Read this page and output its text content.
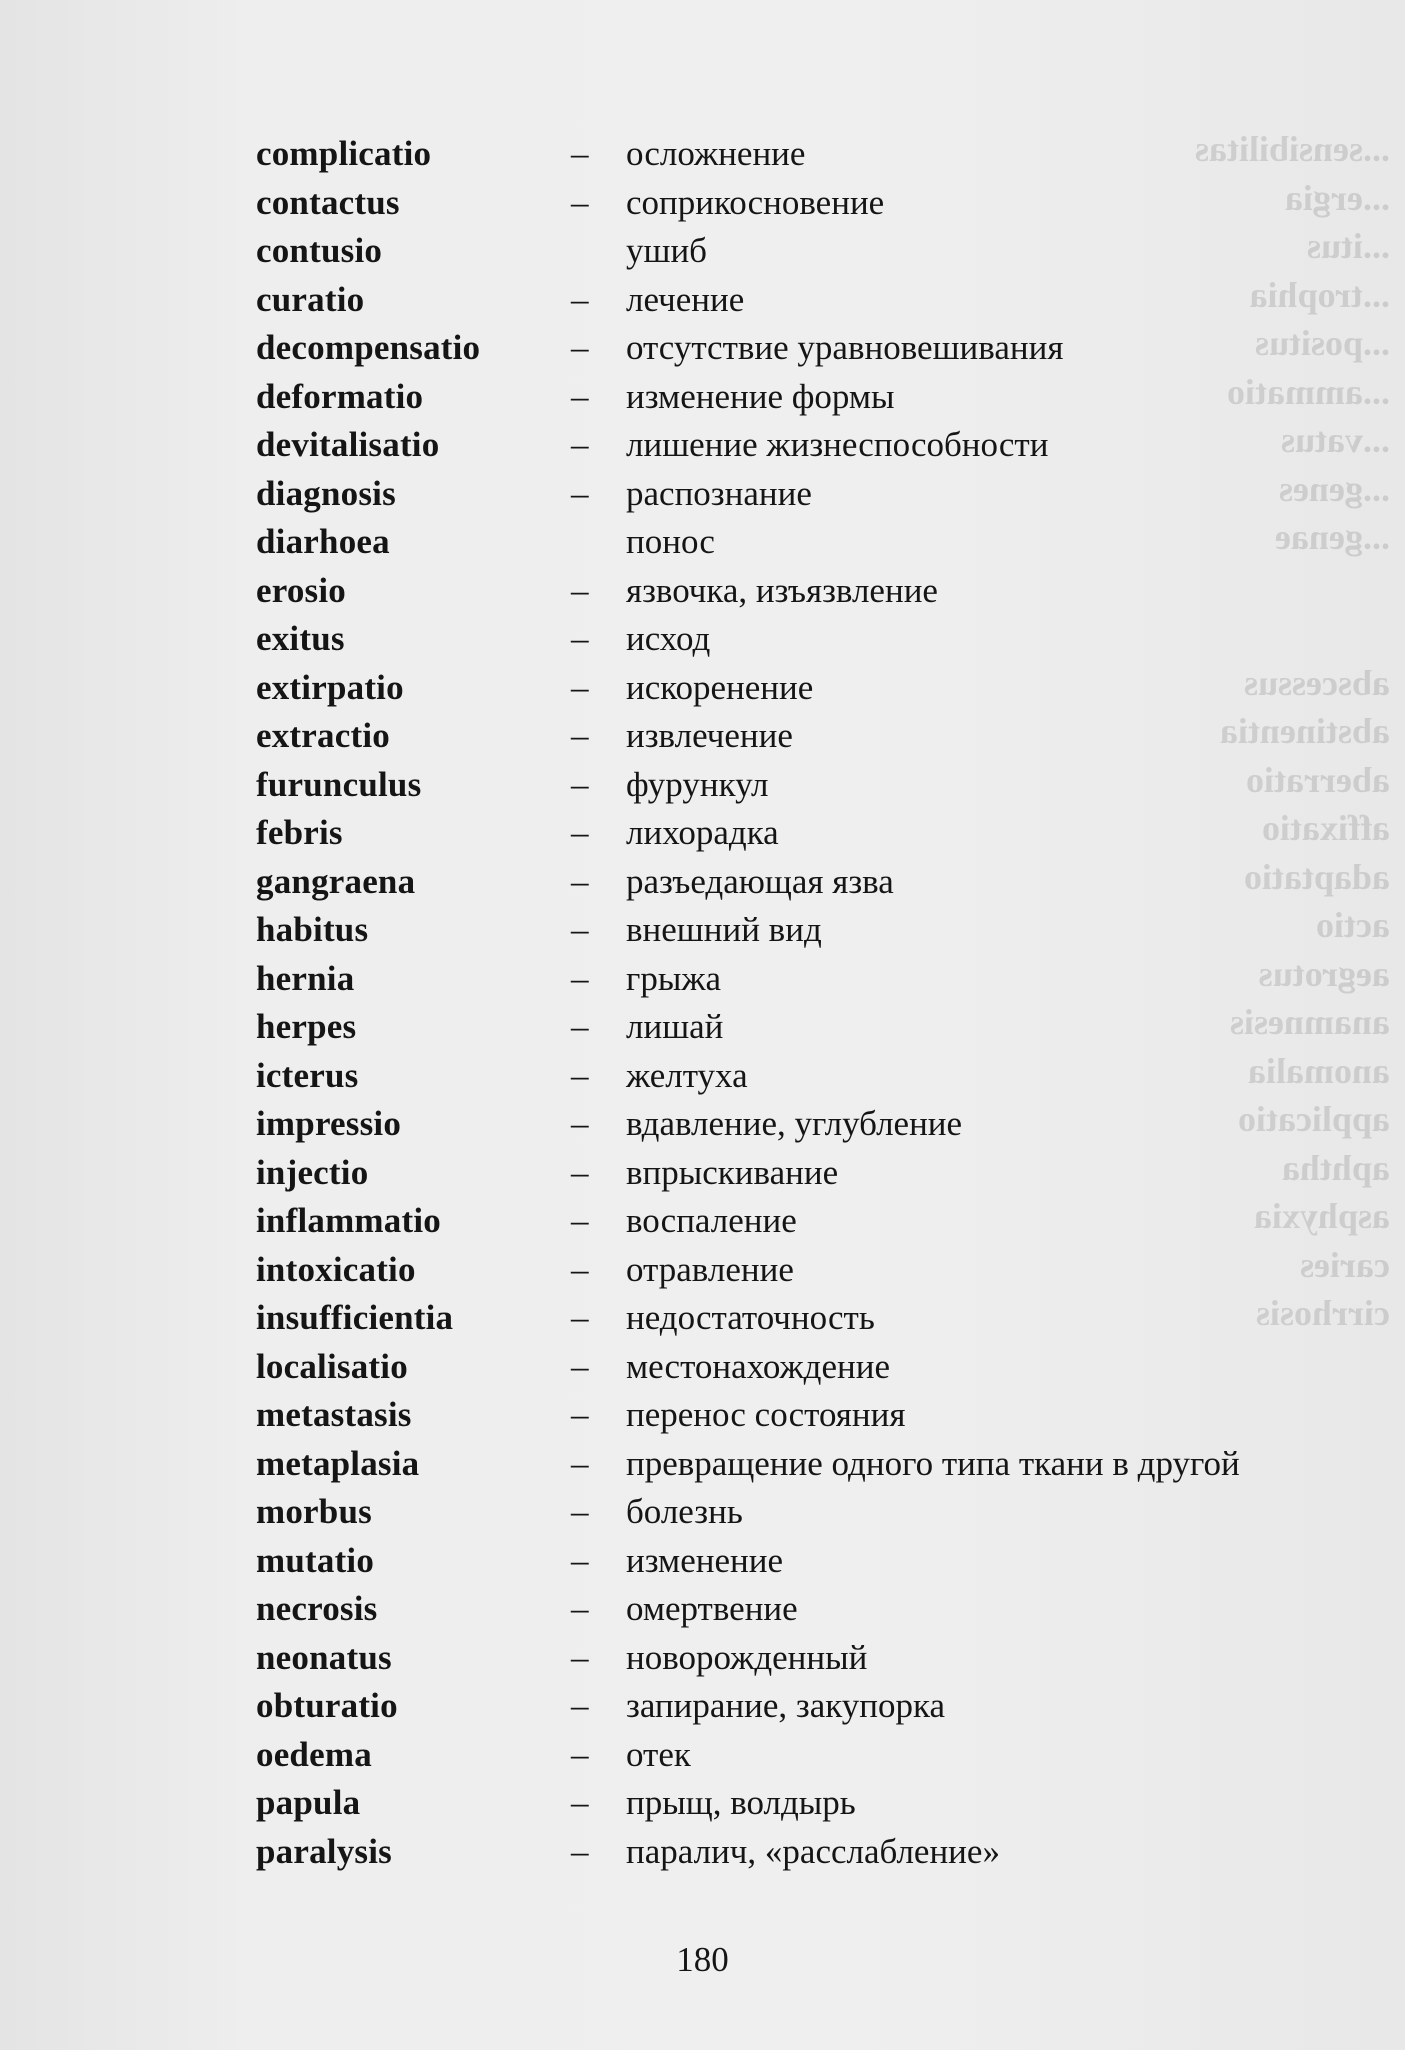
...sensibilitas
...ergia
...itus
...trophia
...positus
...ammatio
...vatus
...genes
...genae

abscessus
abstinentia
aberratio
affixatio
adaptatio
actio
aegrotus
anamnesis
anomalia
applicatio
aphtha
asphyxia
caries
cirrhosis
complicatio	– осложнение
contactus	– соприкосновение
contusio	ушиб
curatio	– лечение
decompensatio	– отсутствие уравновешивания
deformatio	– изменение формы
devitalisatio	– лишение жизнеспособности
diagnosis	– распознание
diarhoea	понос
erosio	– язвочка, изъязвление
exitus	– исход
extirpatio	– искоренение
extractio	– извлечение
furunculus	– фурункул
febris	– лихорадка
gangraena	– разъедающая язва
habitus	– внешний вид
hernia	– грыжа
herpes	– лишай
icterus	– желтуха
impressio	– вдавление, углубление
injectio	– впрыскивание
inflammatio	– воспаление
intoxicatio	– отравление
insufficientia	– недостаточность
localisatio	– местонахождение
metastasis	– перенос состояния
metaplasia	– превращение одного типа ткани в другой
morbus	– болезнь
mutatio	– изменение
necrosis	– омертвение
neonatus	– новорожденный
obturatio	– запирание, закупорка
oedema	– отек
papula	– прыщ, волдырь
paralysis	– паралич, «расслабление»
180
